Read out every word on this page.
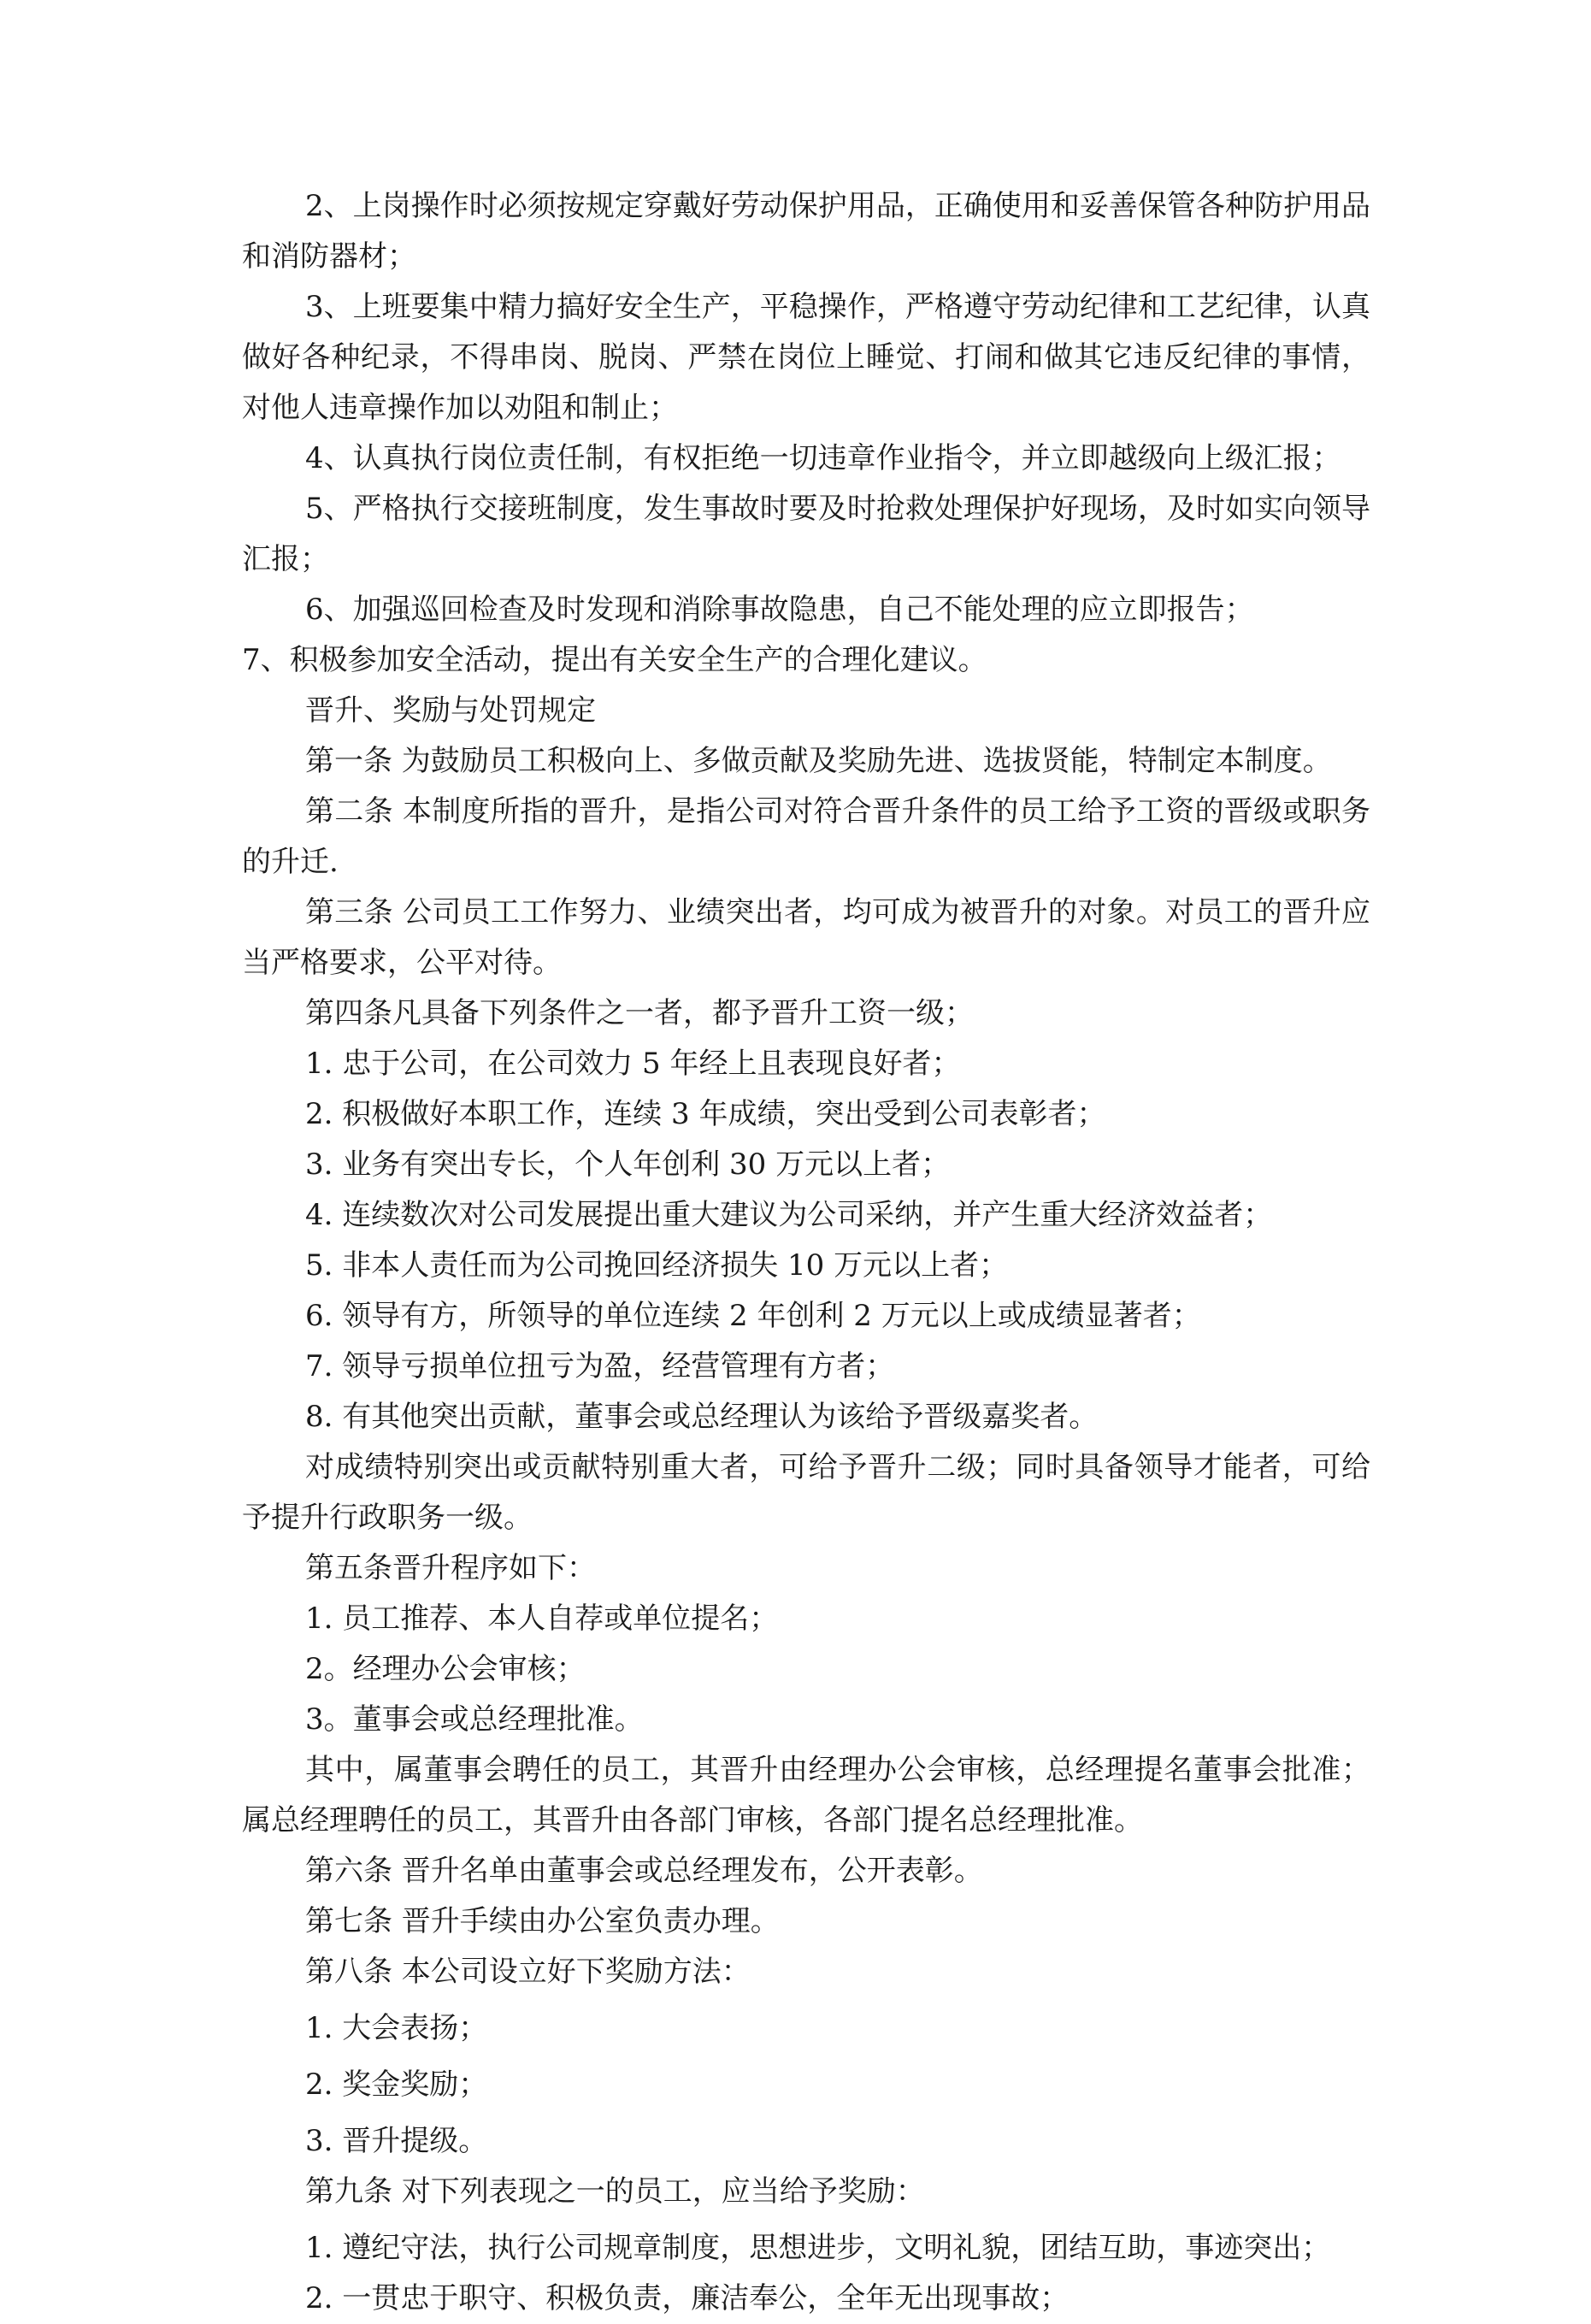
2、上岗操作时必须按规定穿戴好劳动保护用品，正确使用和妥善保管各种防护用品和消防器材；

3、上班要集中精力搞好安全生产，平稳操作，严格遵守劳动纪律和工艺纪律，认真做好各种纪录，不得串岗、脱岗、严禁在岗位上睡觉、打闹和做其它违反纪律的事情，对他人违章操作加以劝阻和制止；

4、认真执行岗位责任制，有权拒绝一切违章作业指令，并立即越级向上级汇报；

5、严格执行交接班制度，发生事故时要及时抢救处理保护好现场，及时如实向领导汇报；

6、加强巡回检查及时发现和消除事故隐患，自己不能处理的应立即报告；

7、积极参加安全活动，提出有关安全生产的合理化建议。

晋升、奖励与处罚规定

第一条 为鼓励员工积极向上、多做贡献及奖励先进、选拔贤能，特制定本制度。

第二条 本制度所指的晋升，是指公司对符合晋升条件的员工给予工资的晋级或职务的升迁.

第三条 公司员工工作努力、业绩突出者，均可成为被晋升的对象。对员工的晋升应当严格要求，公平对待。

第四条凡具备下列条件之一者，都予晋升工资一级；

1. 忠于公司，在公司效力 5 年经上且表现良好者；

2. 积极做好本职工作，连续 3 年成绩，突出受到公司表彰者；

3. 业务有突出专长，个人年创利 30 万元以上者；

4. 连续数次对公司发展提出重大建议为公司采纳，并产生重大经济效益者；

5. 非本人责任而为公司挽回经济损失 10 万元以上者；

6. 领导有方，所领导的单位连续 2 年创利 2 万元以上或成绩显著者；

7. 领导亏损单位扭亏为盈，经营管理有方者；

8. 有其他突出贡献，董事会或总经理认为该给予晋级嘉奖者。

对成绩特别突出或贡献特别重大者，可给予晋升二级；同时具备领导才能者，可给予提升行政职务一级。

第五条晋升程序如下：

1. 员工推荐、本人自荐或单位提名；

2。经理办公会审核；

3。董事会或总经理批准。

其中，属董事会聘任的员工，其晋升由经理办公会审核，总经理提名董事会批准；属总经理聘任的员工，其晋升由各部门审核，各部门提名总经理批准。

第六条 晋升名单由董事会或总经理发布，公开表彰。

第七条 晋升手续由办公室负责办理。

第八条 本公司设立好下奖励方法：

1. 大会表扬；

2. 奖金奖励；

3. 晋升提级。

第九条 对下列表现之一的员工，应当给予奖励：

1. 遵纪守法，执行公司规章制度，思想进步，文明礼貌，团结互助，事迹突出；

2. 一贯忠于职守、积极负责，廉洁奉公，全年无出现事故；
